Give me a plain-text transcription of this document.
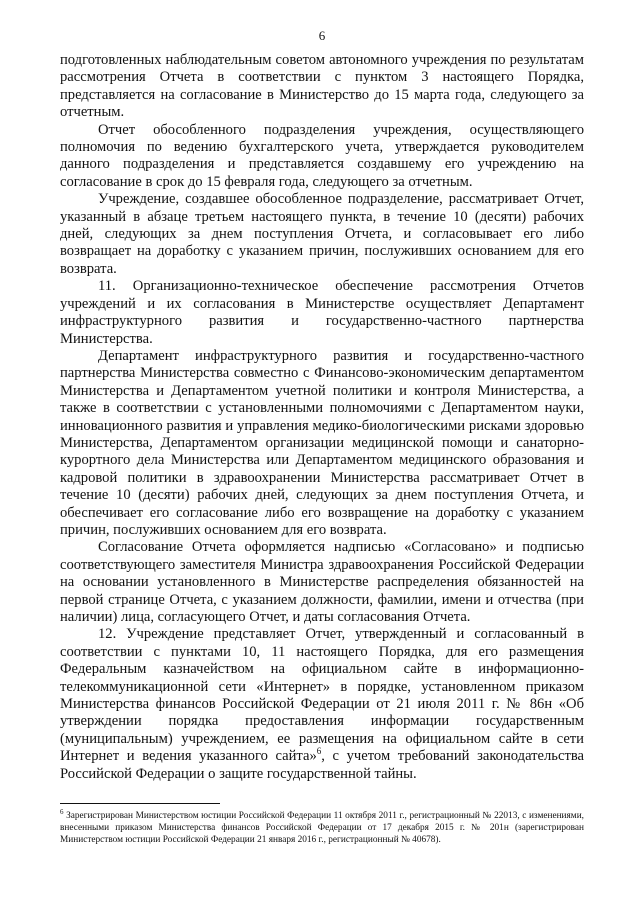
6

подготовленных наблюдательным советом автономного учреждения по результатам рассмотрения Отчета в соответствии с пунктом 3 настоящего Порядка, представляется на согласование в Министерство до 15 марта года, следующего за отчетным.

Отчет обособленного подразделения учреждения, осуществляющего полномочия по ведению бухгалтерского учета, утверждается руководителем данного подразделения и представляется создавшему его учреждению на согласование в срок до 15 февраля года, следующего за отчетным.

Учреждение, создавшее обособленное подразделение, рассматривает Отчет, указанный в абзаце третьем настоящего пункта, в течение 10 (десяти) рабочих дней, следующих за днем поступления Отчета, и согласовывает его либо возвращает на доработку с указанием причин, послуживших основанием для его возврата.

11. Организационно-техническое обеспечение рассмотрения Отчетов учреждений и их согласования в Министерстве осуществляет Департамент инфраструктурного развития и государственно-частного партнерства Министерства.

Департамент инфраструктурного развития и государственно-частного партнерства Министерства совместно с Финансово-экономическим департаментом Министерства и Департаментом учетной политики и контроля Министерства, а также в соответствии с установленными полномочиями с Департаментом науки, инновационного развития и управления медико-биологическими рисками здоровью Министерства, Департаментом организации медицинской помощи и санаторно-курортного дела Министерства или Департаментом медицинского образования и кадровой политики в здравоохранении Министерства рассматривает Отчет в течение 10 (десяти) рабочих дней, следующих за днем поступления Отчета, и обеспечивает его согласование либо его возвращение на доработку с указанием причин, послуживших основанием для его возврата.

Согласование Отчета оформляется надписью «Согласовано» и подписью соответствующего заместителя Министра здравоохранения Российской Федерации на основании установленного в Министерстве распределения обязанностей на первой странице Отчета, с указанием должности, фамилии, имени и отчества (при наличии) лица, согласующего Отчет, и даты согласования Отчета.

12. Учреждение представляет Отчет, утвержденный и согласованный в соответствии с пунктами 10, 11 настоящего Порядка, для его размещения Федеральным казначейством на официальном сайте в информационно-телекоммуникационной сети «Интернет» в порядке, установленном приказом Министерства финансов Российской Федерации от 21 июля 2011 г. № 86н «Об утверждении порядка предоставления информации государственным (муниципальным) учреждением, ее размещения на официальном сайте в сети Интернет и ведения указанного сайта»$^6$, с учетом требований законодательства Российской Федерации о защите государственной тайны.

$^6$ Зарегистрирован Министерством юстиции Российской Федерации 11 октября 2011 г., регистрационный № 22013, с изменениями, внесенными приказом Министерства финансов Российской Федерации от 17 декабря 2015 г. № 201н (зарегистрирован Министерством юстиции Российской Федерации 21 января 2016 г., регистрационный № 40678).
